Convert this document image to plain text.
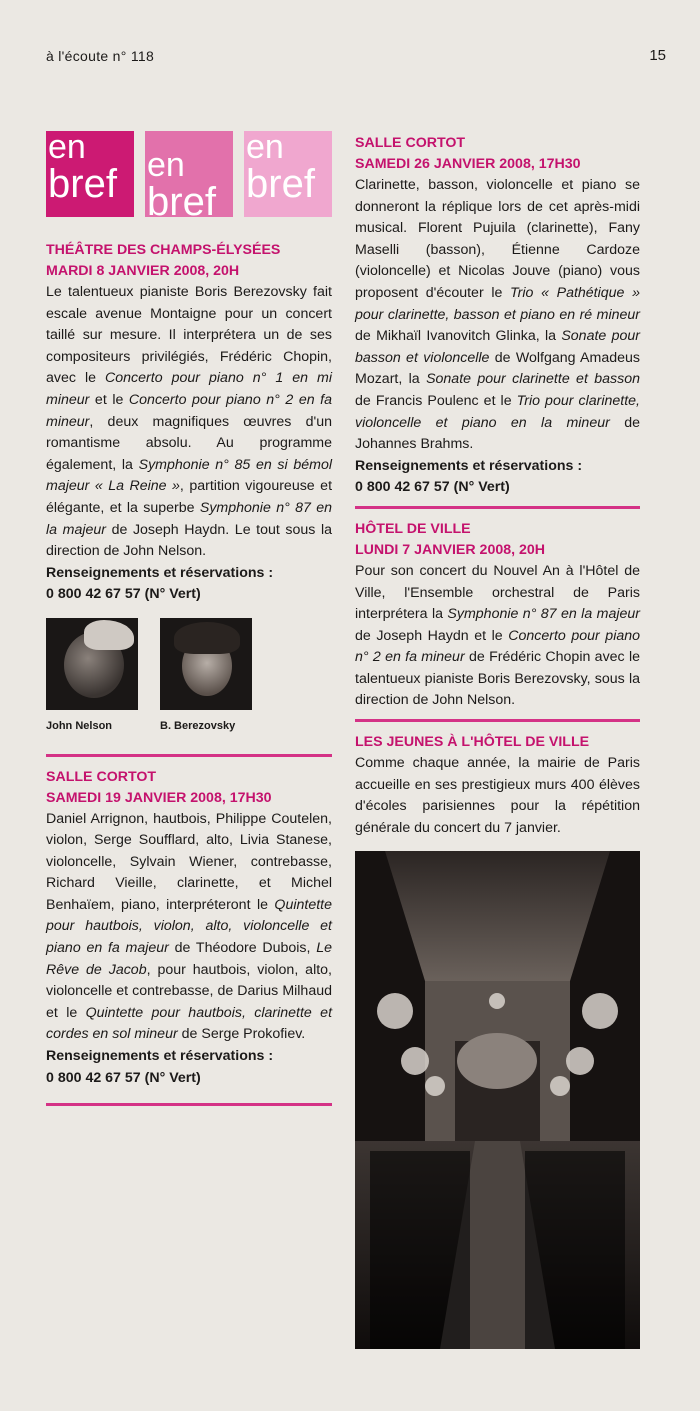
à l'écoute n° 118	15
en
bref en
bref
en
bref
THÉÂTRE DES CHAMPS-ÉLYSÉES
MARDI 8 JANVIER 2008, 20H
Le talentueux pianiste Boris Berezovsky fait escale avenue Montaigne pour un concert taillé sur mesure. Il interprétera un de ses compositeurs privilégiés, Frédéric Chopin, avec le Concerto pour piano n° 1 en mi mineur et le Concerto pour piano n° 2 en fa mineur, deux magnifiques œuvres d'un romantisme absolu. Au programme également, la Symphonie n° 85 en si bémol majeur « La Reine », partition vigoureuse et élégante, et la superbe Symphonie n° 87 en la majeur de Joseph Haydn. Le tout sous la direction de John Nelson.
Renseignements et réservations :
0 800 42 67 57 (N° Vert)
John Nelson	B. Berezovsky
SALLE CORTOT
SAMEDI 19 JANVIER 2008, 17H30
Daniel Arrignon, hautbois, Philippe Coutelen, violon, Serge Soufflard, alto, Livia Stanese, violoncelle, Sylvain Wiener, contrebasse, Richard Vieille, clarinette, et Michel Benhaïem, piano, interpréteront le Quintette pour hautbois, violon, alto, violoncelle et piano en fa majeur de Théodore Dubois, Le Rêve de Jacob, pour hautbois, violon, alto, violoncelle et contrebasse, de Darius Milhaud et le Quintette pour hautbois, clarinette et cordes en sol mineur de Serge Prokofiev.
Renseignements et réservations :
0 800 42 67 57 (N° Vert)
SALLE CORTOT
SAMEDI 26 JANVIER 2008, 17H30
Clarinette, basson, violoncelle et piano se donneront la réplique lors de cet après-midi musical. Florent Pujuila (clarinette), Fany Maselli (basson), Étienne Cardoze (violoncelle) et Nicolas Jouve (piano) vous proposent d'écouter le Trio « Pathétique » pour clarinette, basson et piano en ré mineur de Mikhaïl Ivanovitch Glinka, la Sonate pour basson et violoncelle de Wolfgang Amadeus Mozart, la Sonate pour clarinette et basson de Francis Poulenc et le Trio pour clarinette, violoncelle et piano en la mineur de Johannes Brahms.
Renseignements et réservations :
0 800 42 67 57 (N° Vert)
HÔTEL DE VILLE
LUNDI 7 JANVIER 2008, 20H
Pour son concert du Nouvel An à l'Hôtel de Ville, l'Ensemble orchestral de Paris interprétera la Symphonie n° 87 en la majeur de Joseph Haydn et le Concerto pour piano n° 2 en fa mineur de Frédéric Chopin avec le talentueux pianiste Boris Berezovsky, sous la direction de John Nelson.
LES JEUNES À L'HÔTEL DE VILLE
Comme chaque année, la mairie de Paris accueille en ses prestigieux murs 400 élèves d'écoles parisiennes pour la répétition générale du concert du 7 janvier.
